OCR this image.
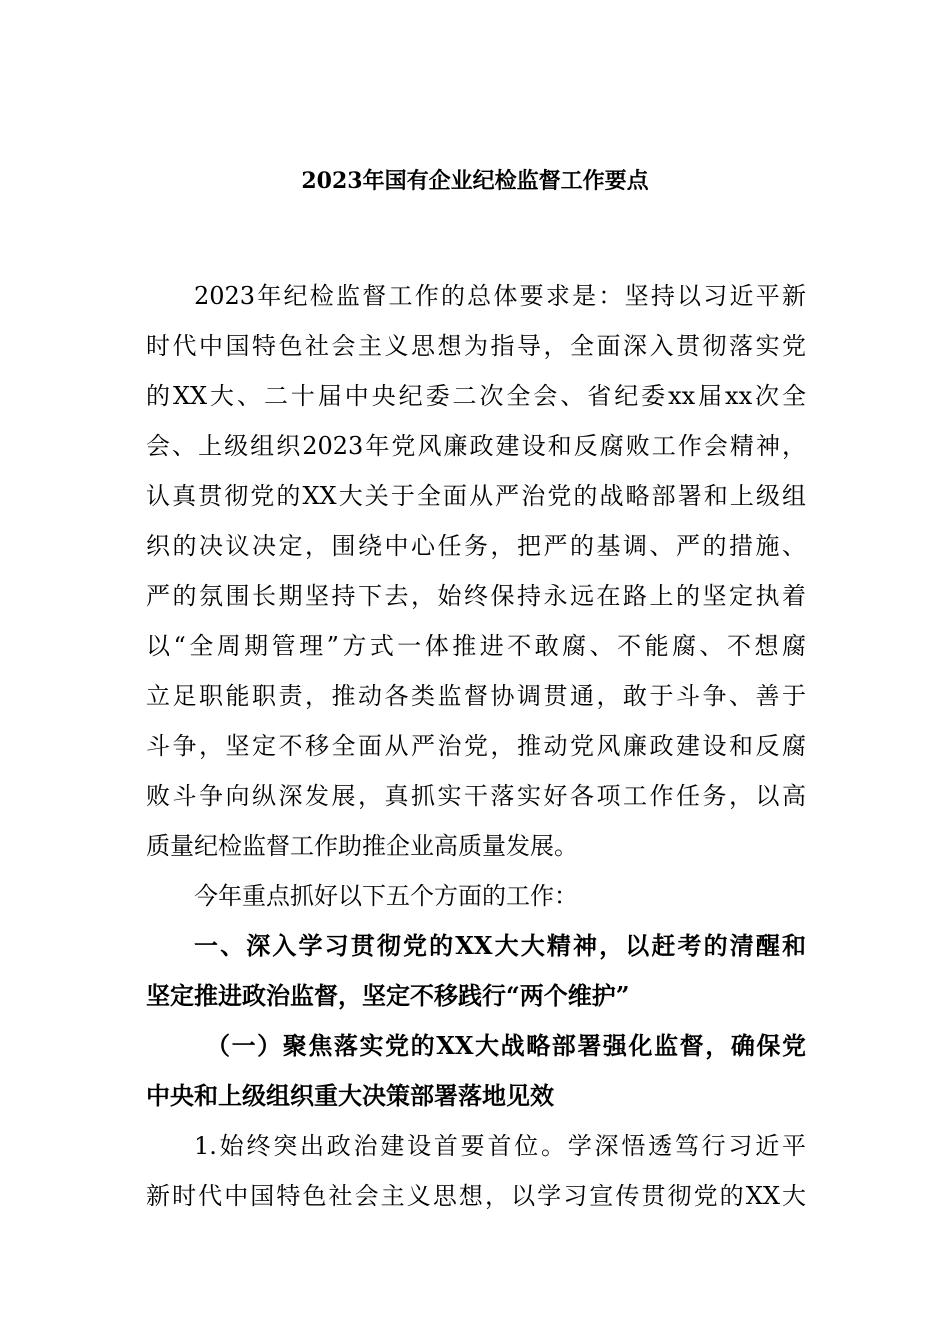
2023年国有企业纪检监督工作要点
2023年纪检监督工作的总体要求是：坚持以习近平新
时代中国特色社会主义思想为指导，全面深入贯彻落实党
的XX大、二十届中央纪委二次全会、省纪委xx届xx次全
会、上级组织2023年党风廉政建设和反腐败工作会精神，
认真贯彻党的XX大关于全面从严治党的战略部署和上级组
织的决议决定，围绕中心任务，把严的基调、严的措施、
严的氛围长期坚持下去，始终保持永远在路上的坚定执着
以“全周期管理”方式一体推进不敢腐、不能腐、不想腐
立足职能职责，推动各类监督协调贯通，敢于斗争、善于
斗争，坚定不移全面从严治党，推动党风廉政建设和反腐
败斗争向纵深发展，真抓实干落实好各项工作任务，以高
质量纪检监督工作助推企业高质量发展。
今年重点抓好以下五个方面的工作：
一、深入学习贯彻党的XX大大精神，以赶考的清醒和
坚定推进政治监督，坚定不移践行“两个维护”
（一）聚焦落实党的XX大战略部署强化监督，确保党
中央和上级组织重大决策部署落地见效
1.始终突出政治建设首要首位。学深悟透笃行习近平
新时代中国特色社会主义思想，以学习宣传贯彻党的XX大
